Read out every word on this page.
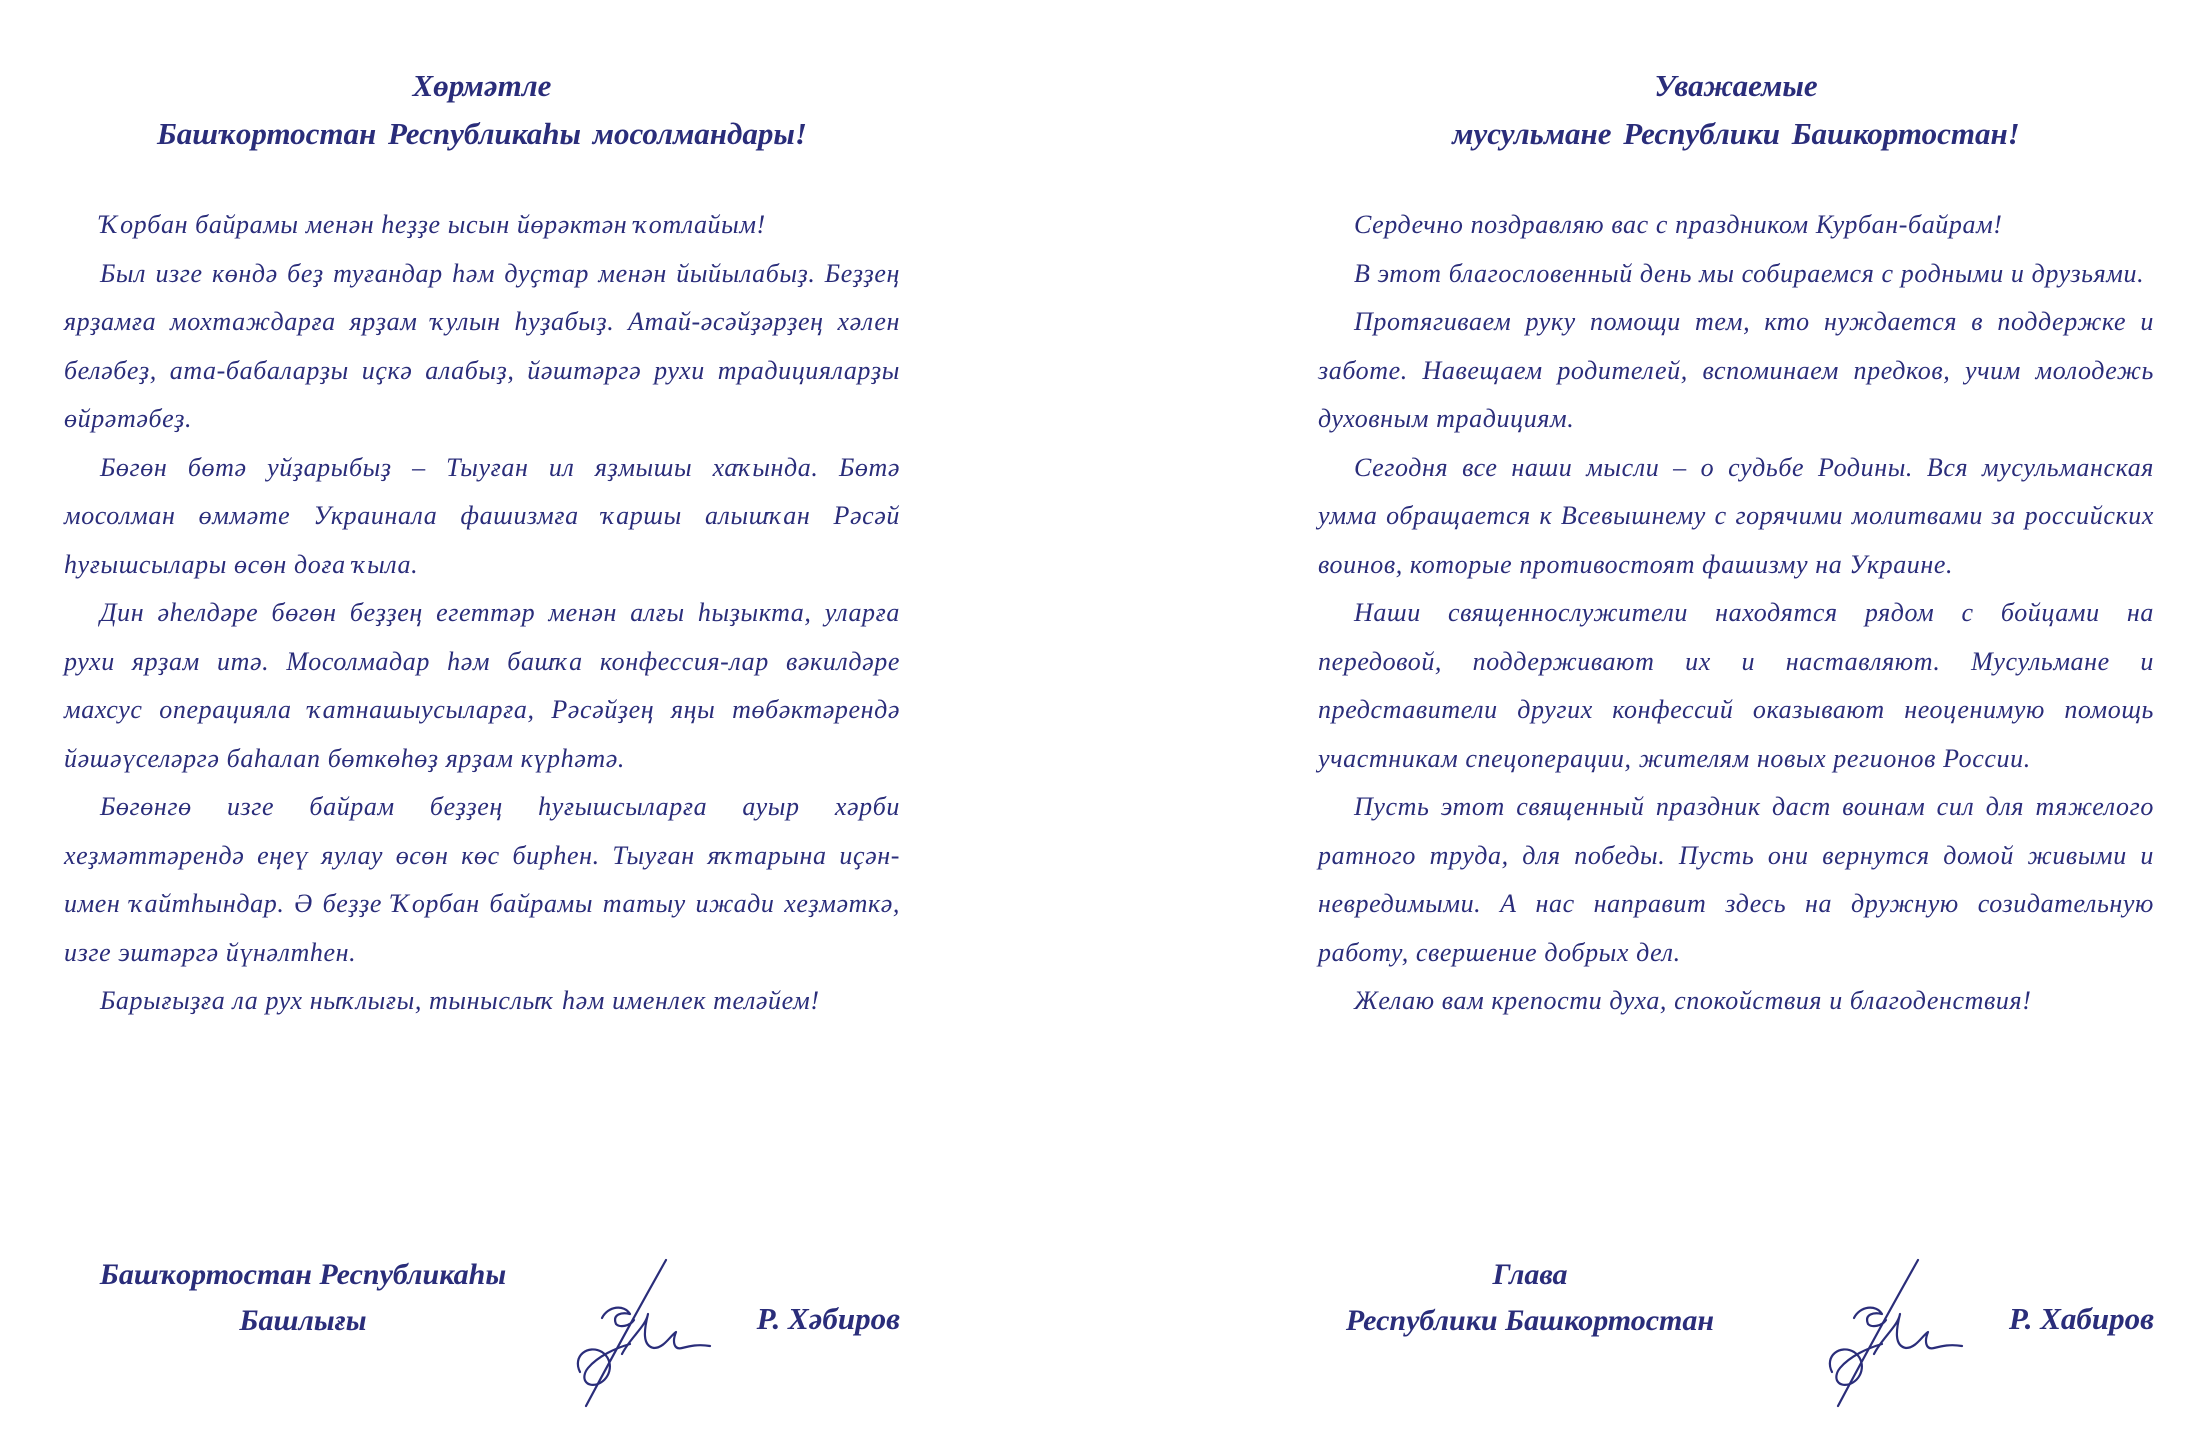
Хөрмәтле
Башҡортостан Республикаһы мосолмандары!

Ҡорбан байрамы менән һеҙҙе ысын йөрәктән ҡотлайым!

Был изге көндә беҙ туғандар һәм дуҫтар менән йыйылабыҙ. Беҙҙең ярҙамға мохтаждарға ярҙам ҡулын һуҙабыҙ. Атай-әсәйҙәрҙең хәлен беләбеҙ, ата-бабаларҙы иҫкә алабыҙ, йәштәргә рухи традицияларҙы өйрәтәбеҙ.

Бөгөн бөтә уйҙарыбыҙ – Тыуған ил яҙмышы хаҡында. Бөтә мосолман өммәте Украинала фашизмға ҡаршы алышҡан Рәсәй һуғышсылары өсөн доға ҡыла.

Дин әһелдәре бөгөн беҙҙең егеттәр менән алғы һыҙыкта, уларға рухи ярҙам итә. Мосолмадар һәм башҡа конфессия-лар вәкилдәре махсус операцияла ҡатнашыусыларға, Рәсәйҙең яңы төбәктәрендә йәшәүселәргә баһалап бөткөһөҙ ярҙам күрһәтә.

Бөгөнгө изге байрам беҙҙең һуғышсыларға ауыр хәрби хеҙмәттәрендә еңеү яулау өсөн көс бирһен. Тыуған яҡтарына иҫән-имен ҡайтһындар. Ә беҙҙе Ҡорбан байрамы татыу ижади хеҙмәткә, изге эштәргә йүнәлтһен.

Барығыҙға ла рух ныҡлығы, тыныслыҡ һәм именлек теләйем!

Башҡортостан Республикаһы
Башлығы	Р. Хәбиров
Уважаемые
мусульмане Республики Башкортостан!

Сердечно поздравляю вас с праздником Курбан-байрам!

В этот благословенный день мы собираемся с родными и друзьями.

Протягиваем руку помощи тем, кто нуждается в поддержке и заботе. Навещаем родителей, вспоминаем предков, учим молодежь духовным традициям.

Сегодня все наши мысли – о судьбе Родины. Вся мусульманская умма обращается к Всевышнему с горячими молитвами за российских воинов, которые противостоят фашизму на Украине.

Наши священнослужители находятся рядом с бойцами на передовой, поддерживают их и наставляют. Мусульмане и представители других конфессий оказывают неоценимую помощь участникам спецоперации, жителям новых регионов России.

Пусть этот священный праздник даст воинам сил для тяжелого ратного труда, для победы. Пусть они вернутся домой живыми и невредимыми. А нас направит здесь на дружную созидательную работу, свершение добрых дел.

Желаю вам крепости духа, спокойствия и благоденствия!

Глава
Республики Башкортостан	Р. Хабиров
